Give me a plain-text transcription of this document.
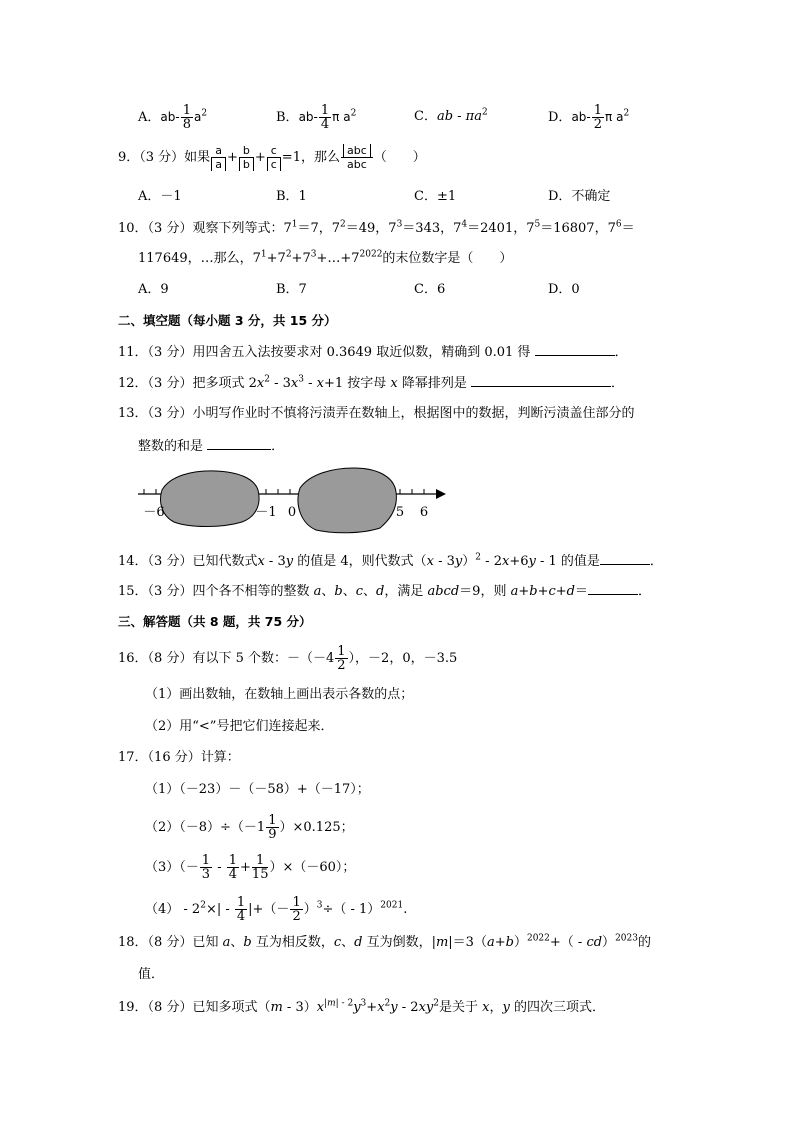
A．$ab- \frac{1}{8} a^2$	B．$ab- \frac{1}{4}$ π $a^2$	C．ab - $\pi a^2$	D．$ab- \frac{1}{2}$ π $a^2$
9．（3 分）如果 $\frac{a}{a} + \frac{b}{b} + \frac{c}{c} =1$，那么 $\frac{\text{abc}}{\text{abc}}$ （　　）
A．－1	B．1	C．±1	D．不确定
10．（3 分）观察下列等式：$7^1=7$，$7^2=49$，$7^3=343$，$7^4=2401$，$7^5=16807$，$7^6=$
117649，…那么，$7^1+7^2+7^3+\dots+7^{2022}$的末位数字是（　　）
A．9	B．7	C．6	D．0
二、填空题（每小题 3 分，共 15 分）
11．（3 分）用四舍五入法按要求对 0.3649 取近似数，精确到 0.01 得	．
12．（3 分）把多项式 $2x^2 - 3x^3 - x+1$ 按字母 x 降幂排列是	．
13．（3 分）小明写作业时不慎将污渍弄在数轴上，根据图中的数据，判断污渍盖住部分的
整数的和是	．
－6	－1 0	5 6
14．（3 分）已知代数式x - 3y 的值是 4，则代数式（x - 3y）$^2$ - 2x+6y - 1 的值是	．
15．（3 分）四个各不相等的整数 a、b、c、d，满足 abcd＝9，则 a+b+c+d＝	．
三、解答题（共 8 题，共 75 分）
16．（8 分）有以下 5 个数：$-(-4 \frac{1}{2}$ ），－2，0，－3.5
（1）画出数轴，在数轴上画出表示各数的点；
（2）用“<”号把它们连接起来．
17．（16 分）计算：
（1）（－23）－（－58）+（－17）；
$(2)(-8)\div(-1 \frac{1}{9} )\times 0.125$；
$(3)(- \frac{1}{3} - \frac{1}{4} + \frac{1}{15} )\times(-60)$；
$(4) - 2^2\times| - \frac{1}{4}$ |+（－ $\frac{1}{2} )^3\div( - 1)^{2021}$.
18．（8 分）已知 a、b 互为相反数，c、d 互为倒数，$|m|=3(a+b)^{2022}+( - cd)^{2023}$的
值．
19．（8 分）已知多项式$(m - 3)x^{|m| - 2}y^3+x^2y - 2xy^2$是关于 x，y 的四次三项式．
